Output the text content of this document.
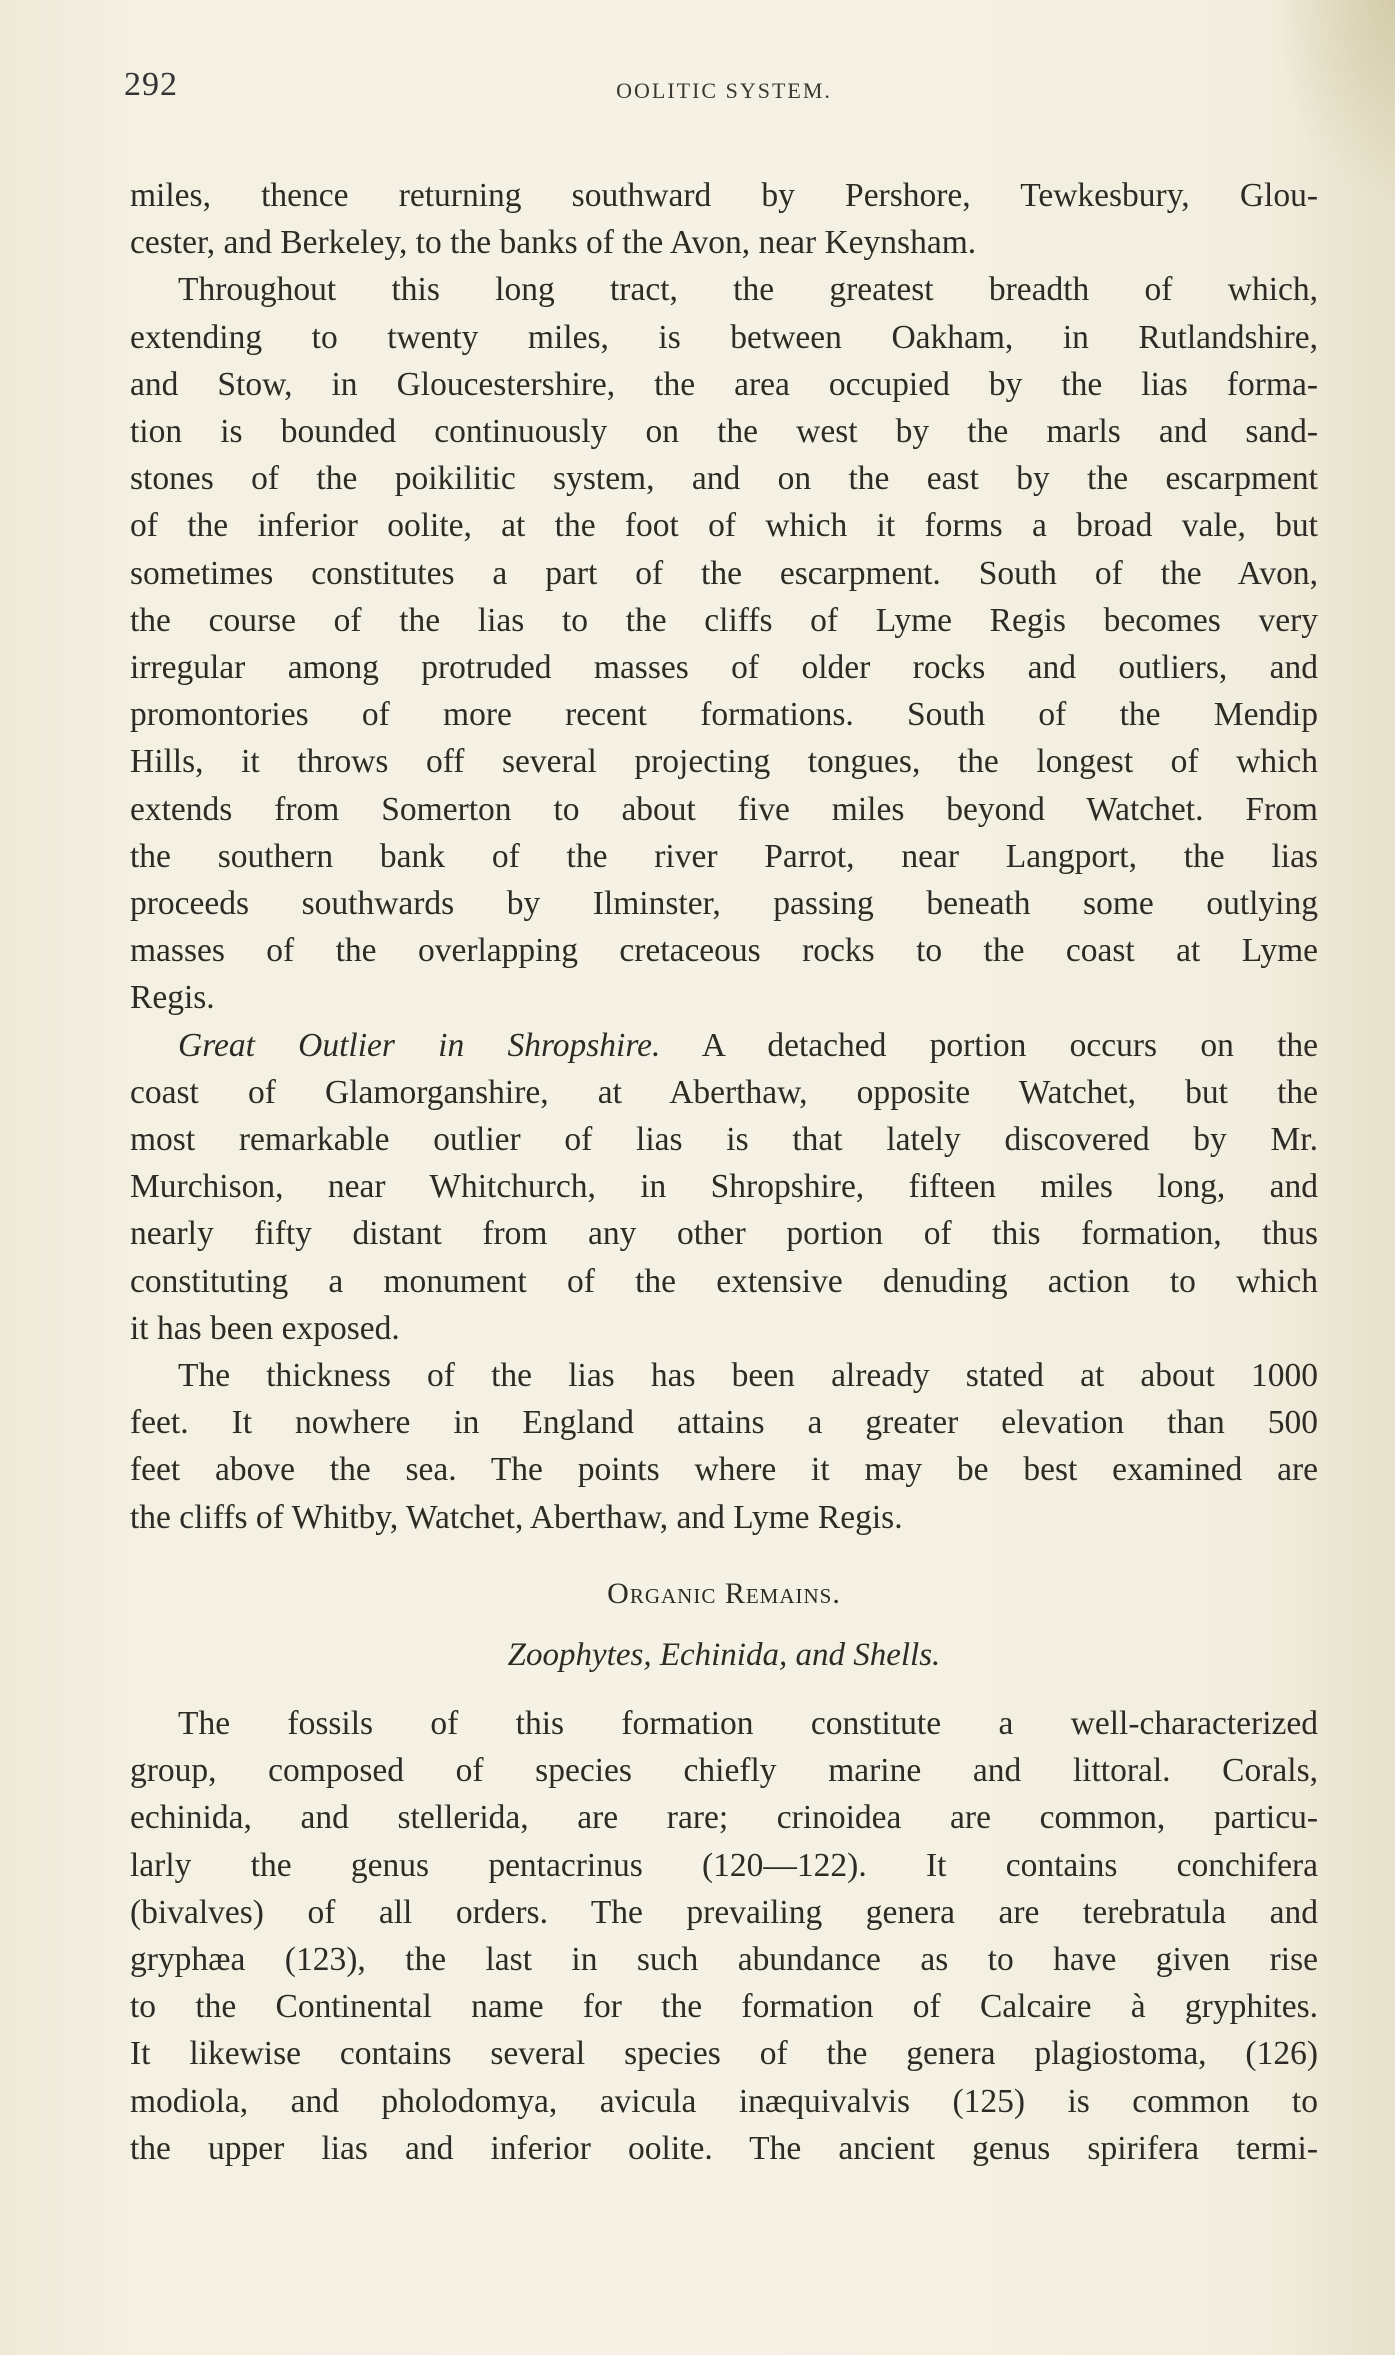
292	OOLITIC SYSTEM.

miles, thence returning southward by Pershore, Tewkesbury, Glou-
cester, and Berkeley, to the banks of the Avon, near Keynsham.

Throughout this long tract, the greatest breadth of which,
extending to twenty miles, is between Oakham, in Rutlandshire,
and Stow, in Gloucestershire, the area occupied by the lias forma-
tion is bounded continuously on the west by the marls and sand-
stones of the poikilitic system, and on the east by the escarpment
of the inferior oolite, at the foot of which it forms a broad vale, but
sometimes constitutes a part of the escarpment. South of the Avon,
the course of the lias to the cliffs of Lyme Regis becomes very
irregular among protruded masses of older rocks and outliers, and
promontories of more recent formations. South of the Mendip
Hills, it throws off several projecting tongues, the longest of which
extends from Somerton to about five miles beyond Watchet. From
the southern bank of the river Parrot, near Langport, the lias
proceeds southwards by Ilminster, passing beneath some outlying
masses of the overlapping cretaceous rocks to the coast at Lyme
Regis.

Great Outlier in Shropshire. A detached portion occurs on the
coast of Glamorganshire, at Aberthaw, opposite Watchet, but the
most remarkable outlier of lias is that lately discovered by Mr.
Murchison, near Whitchurch, in Shropshire, fifteen miles long, and
nearly fifty distant from any other portion of this formation, thus
constituting a monument of the extensive denuding action to which
it has been exposed.

The thickness of the lias has been already stated at about 1000
feet. It nowhere in England attains a greater elevation than 500
feet above the sea. The points where it may be best examined are
the cliffs of Whitby, Watchet, Aberthaw, and Lyme Regis.

Organic Remains.
Zoophytes, Echinida, and Shells.

The fossils of this formation constitute a well-characterized
group, composed of species chiefly marine and littoral. Corals,
echinida, and stellerida, are rare; crinoidea are common, particu-
larly the genus pentacrinus (120—122). It contains conchifera
(bivalves) of all orders. The prevailing genera are terebratula and
gryphæa (123), the last in such abundance as to have given rise
to the Continental name for the formation of Calcaire à gryphites.
It likewise contains several species of the genera plagiostoma, (126)
modiola, and pholodomya, avicula inæquivalvis (125) is common to
the upper lias and inferior oolite. The ancient genus spirifera termi-
